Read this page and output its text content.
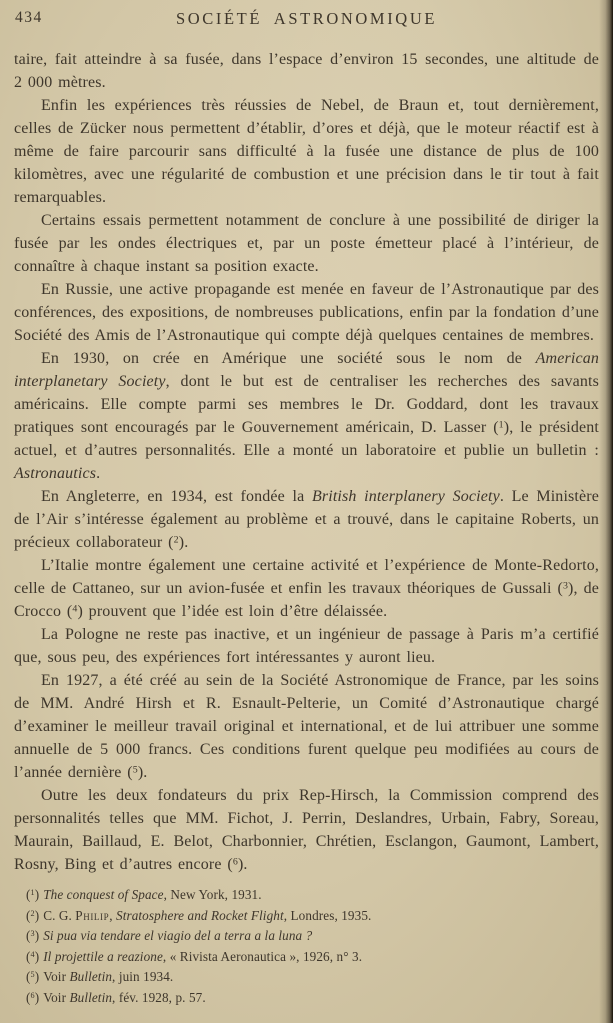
434	SOCIÉTÉ ASTRONOMIQUE

taire, fait atteindre à sa fusée, dans l’espace d’environ 15 secondes, une altitude de 2 000 mètres.

Enfin les expériences très réussies de Nebel, de Braun et, tout dernièrement, celles de Zücker nous permettent d’établir, d’ores et déjà, que le moteur réactif est à même de faire parcourir sans difficulté à la fusée une distance de plus de 100 kilomètres, avec une régularité de combustion et une précision dans le tir tout à fait remarquables.

Certains essais permettent notamment de conclure à une possibilité de diriger la fusée par les ondes électriques et, par un poste émetteur placé à l’intérieur, de connaître à chaque instant sa position exacte.

En Russie, une active propagande est menée en faveur de l’Astronautique par des conférences, des expositions, de nombreuses publications, enfin par la fondation d’une Société des Amis de l’Astronautique qui compte déjà quelques centaines de membres.

En 1930, on crée en Amérique une société sous le nom de American interplanetary Society, dont le but est de centraliser les recherches des savants américains. Elle compte parmi ses membres le Dr. Goddard, dont les travaux pratiques sont encouragés par le Gouvernement américain, D. Lasser ($^1$), le président actuel, et d’autres personnalités. Elle a monté un laboratoire et publie un bulletin : Astronautics.

En Angleterre, en 1934, est fondée la British interplanery Society. Le Ministère de l’Air s’intéresse également au problème et a trouvé, dans le capitaine Roberts, un précieux collaborateur ($^2$).

L’Italie montre également une certaine activité et l’expérience de Monte-Redorto, celle de Cattaneo, sur un avion-fusée et enfin les travaux théoriques de Gussali ($^3$), de Crocco ($^4$) prouvent que l’idée est loin d’être délaissée.

La Pologne ne reste pas inactive, et un ingénieur de passage à Paris m’a certifié que, sous peu, des expériences fort intéressantes y auront lieu.

En 1927, a été créé au sein de la Société Astronomique de France, par les soins de MM. André Hirsh et R. Esnault-Pelterie, un Comité d’Astronautique chargé d’examiner le meilleur travail original et international, et de lui attribuer une somme annuelle de 5 000 francs. Ces conditions furent quelque peu modifiées au cours de l’année dernière ($^5$).

Outre les deux fondateurs du prix Rep-Hirsch, la Commission comprend des personnalités telles que MM. Fichot, J. Perrin, Deslandres, Urbain, Fabry, Soreau, Maurain, Baillaud, E. Belot, Charbonnier, Chrétien, Esclangon, Gaumont, Lambert, Rosny, Bing et d’autres encore ($^6$).

($^1$) The conquest of Space, New York, 1931.

($^2$) C. G. Philip, Stratosphere and Rocket Flight, Londres, 1935.

($^3$) Si pua via tendare el viagio del a terra a la luna ?

($^4$) Il projettile a reazione, « Rivista Aeronautica », 1926, n° 3.

($^5$) Voir Bulletin, juin 1934.

($^6$) Voir Bulletin, fév. 1928, p. 57.
